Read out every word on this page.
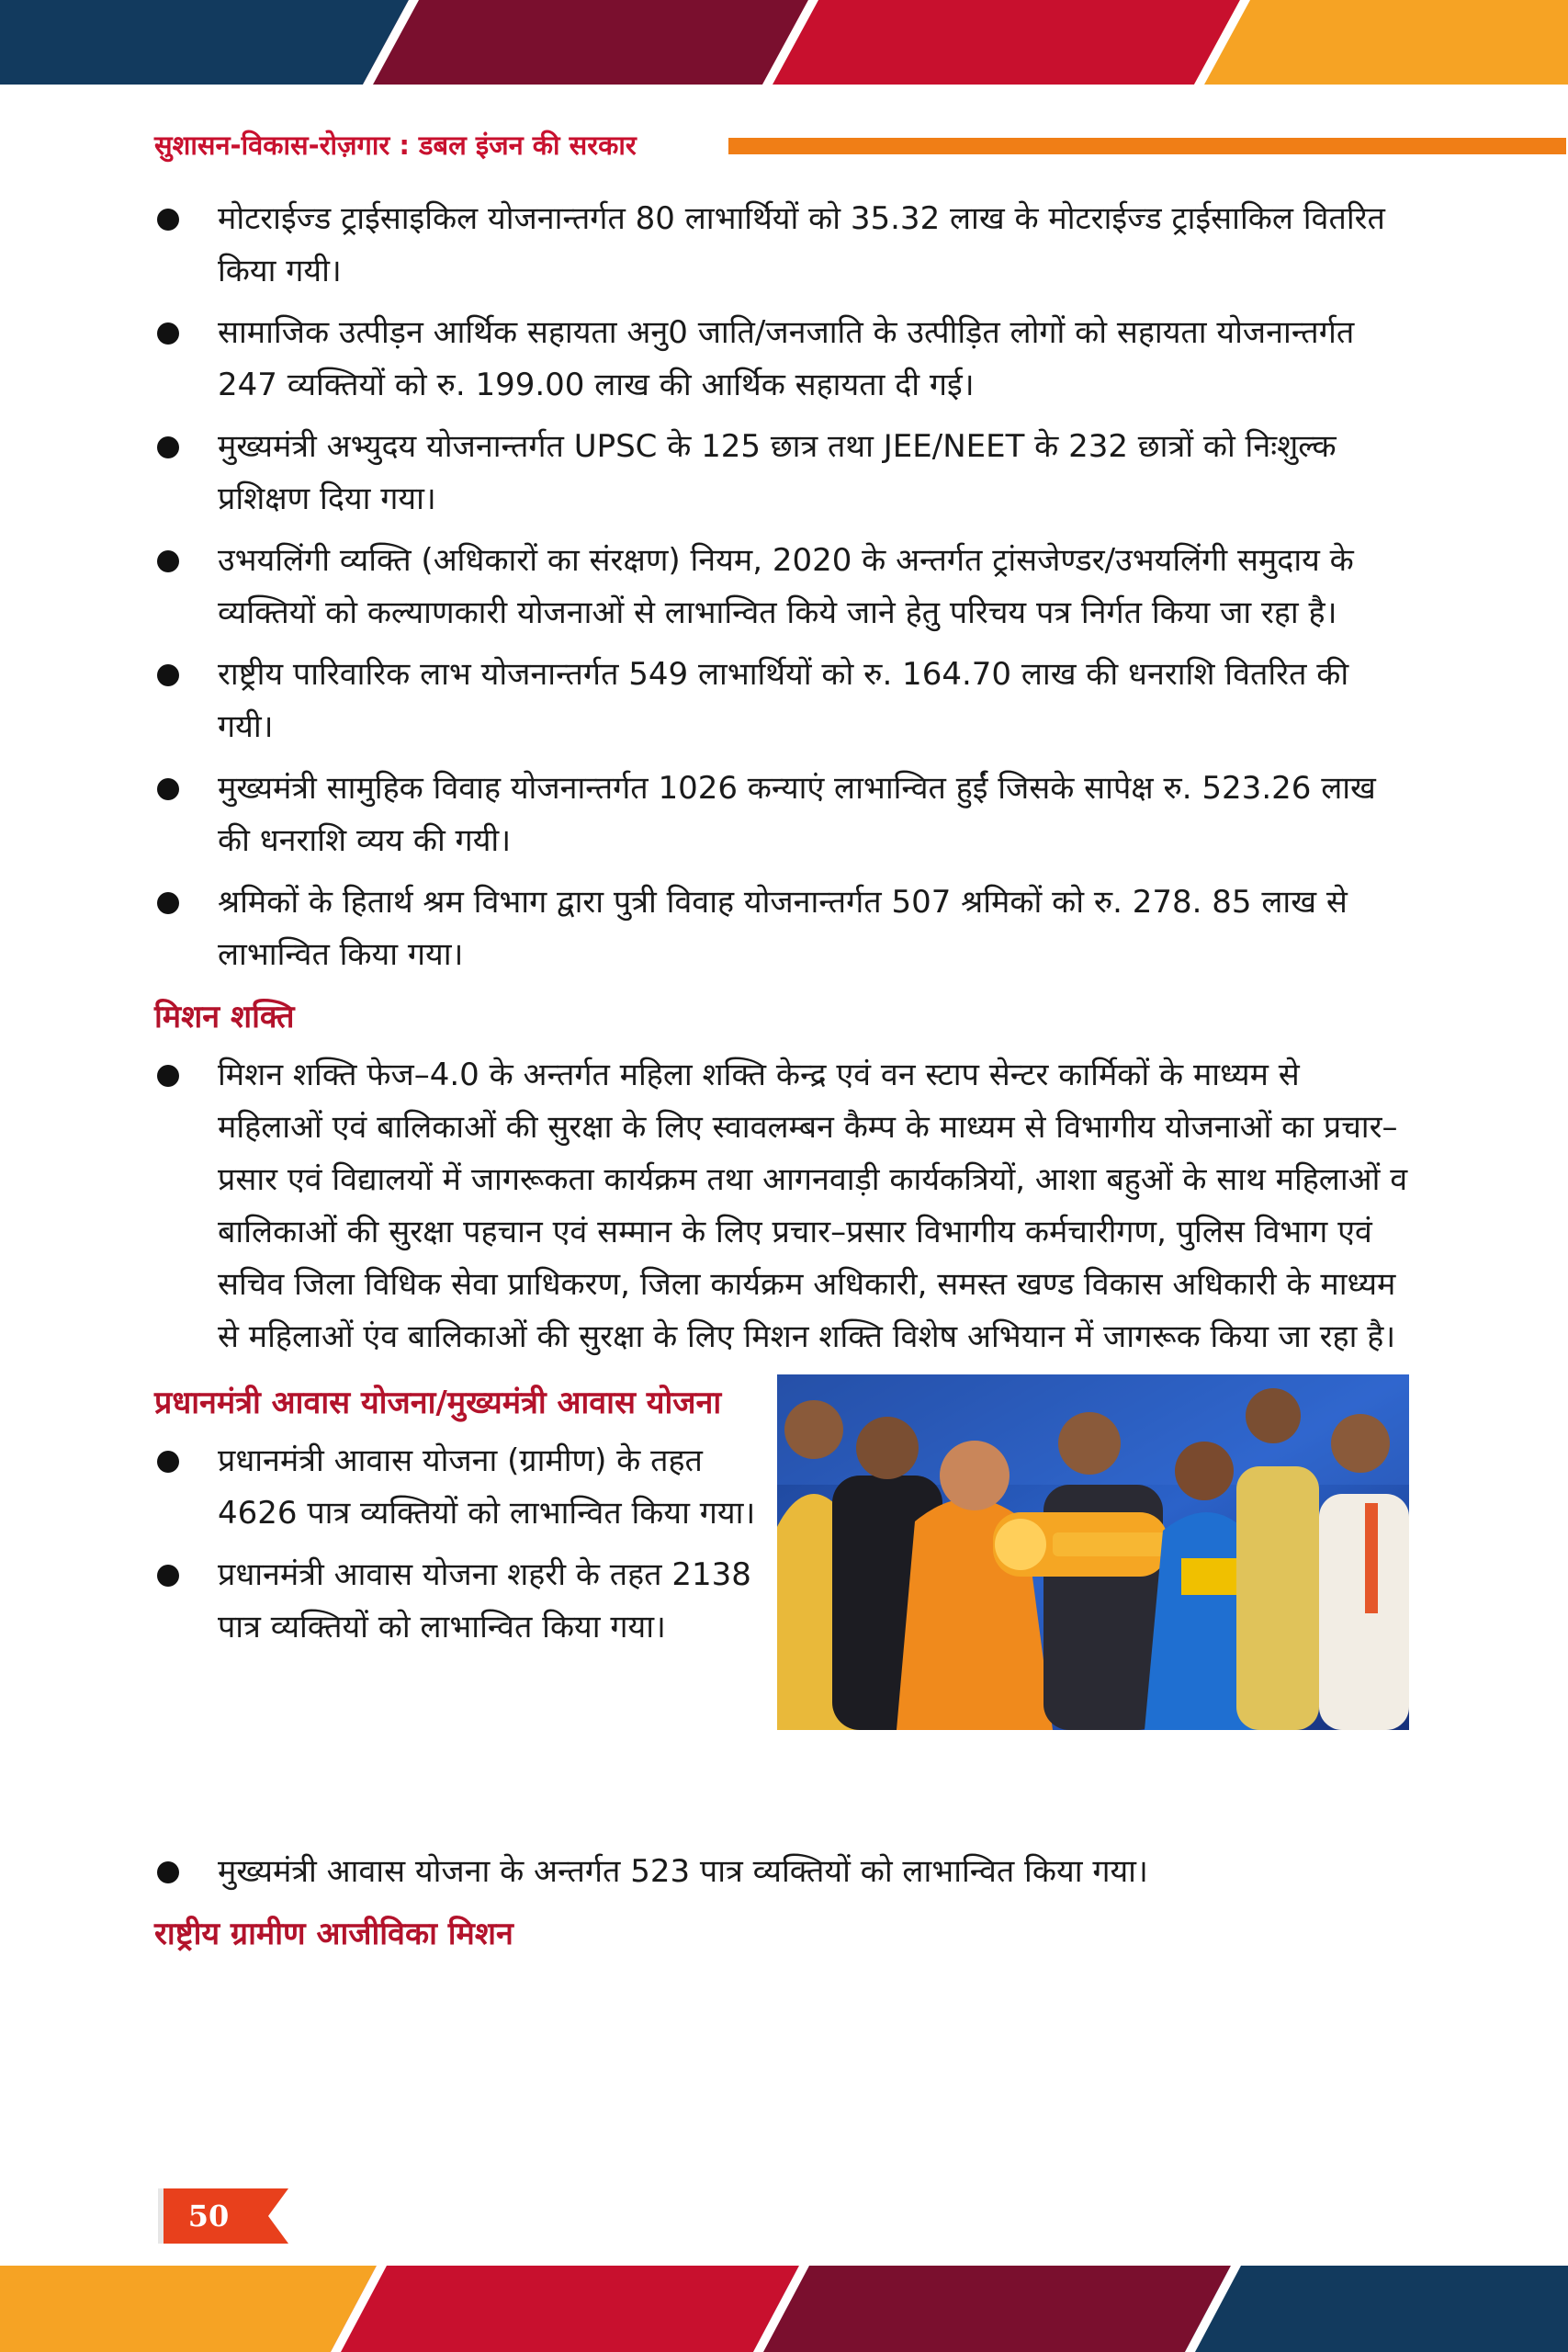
सुशासन-विकास-रोज़गार : डबल इंजन की सरकार
मोटराईज्ड ट्राईसाइकिल योजनान्तर्गत 80 लाभार्थियों को 35.32 लाख के मोटराईज्ड ट्राईसाकिल वितरित किया गयी।
सामाजिक उत्पीड़न आर्थिक सहायता अनु0 जाति/जनजाति के उत्पीड़ित लोगों को सहायता योजनान्तर्गत 247 व्यक्तियों को रु. 199.00 लाख की आर्थिक सहायता दी गई।
मुख्यमंत्री अभ्युदय योजनान्तर्गत UPSC के 125 छात्र तथा JEE/NEET के 232 छात्रों को निःशुल्क प्रशिक्षण दिया गया।
उभयलिंगी व्यक्ति (अधिकारों का संरक्षण) नियम, 2020 के अन्तर्गत ट्रांसजेण्डर/उभयलिंगी समुदाय के व्यक्तियों को कल्याणकारी योजनाओं से लाभान्वित किये जाने हेतु परिचय पत्र निर्गत किया जा रहा है।
राष्ट्रीय पारिवारिक लाभ योजनान्तर्गत 549 लाभार्थियों को रु. 164.70 लाख की धनराशि वितरित की गयी।
मुख्यमंत्री सामुहिक विवाह योजनान्तर्गत 1026 कन्याएं लाभान्वित हुईं जिसके सापेक्ष रु. 523.26 लाख की धनराशि व्यय की गयी।
श्रमिकों के हितार्थ श्रम विभाग द्वारा पुत्री विवाह योजनान्तर्गत 507 श्रमिकों को रु. 278. 85 लाख से लाभान्वित किया गया।
मिशन शक्ति
मिशन शक्ति फेज–4.0 के अन्तर्गत महिला शक्ति केन्द्र एवं वन स्टाप सेन्टर कार्मिकों के माध्यम से महिलाओं एवं बालिकाओं की सुरक्षा के लिए स्वावलम्बन कैम्प के माध्यम से विभागीय योजनाओं का प्रचार–प्रसार एवं विद्यालयों में जागरूकता कार्यक्रम तथा आगनवाड़ी कार्यकत्रियों, आशा बहुओं के साथ महिलाओं व बालिकाओं की सुरक्षा पहचान एवं सम्मान के लिए प्रचार–प्रसार विभागीय कर्मचारीगण, पुलिस विभाग एवं सचिव जिला विधिक सेवा प्राधिकरण, जिला कार्यक्रम अधिकारी, समस्त खण्ड विकास अधिकारी के माध्यम से महिलाओं एंव बालिकाओं की सुरक्षा के लिए मिशन शक्ति विशेष अभियान में जागरूक किया जा रहा है।
प्रधानमंत्री आवास योजना/मुख्यमंत्री आवास योजना
प्रधानमंत्री आवास योजना (ग्रामीण) के तहत 4626 पात्र व्यक्तियों को लाभान्वित किया गया।
प्रधानमंत्री आवास योजना शहरी के तहत 2138 पात्र व्यक्तियों को लाभान्वित किया गया।
मुख्यमंत्री आवास योजना के अन्तर्गत 523 पात्र व्यक्तियों को लाभान्वित किया गया।
राष्ट्रीय ग्रामीण आजीविका मिशन
50
